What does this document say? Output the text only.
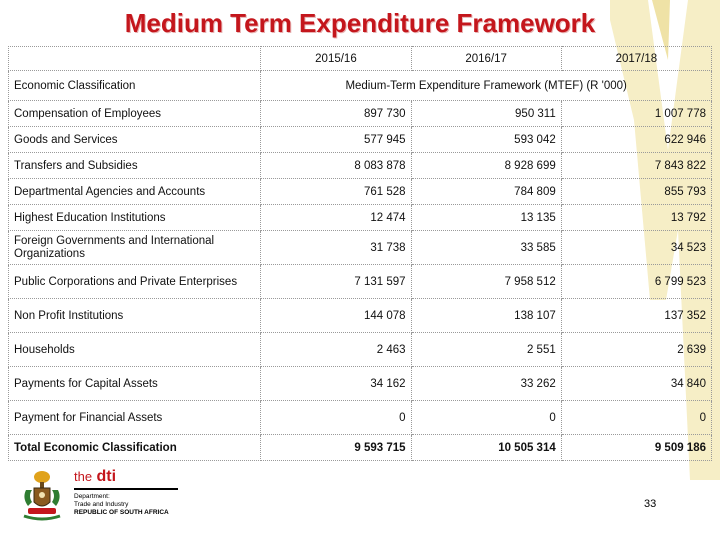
Medium Term Expenditure Framework
	2015/16	2016/17	2017/18
Economic Classification	Medium-Term Expenditure Framework (MTEF) (R '000)		
Compensation of Employees	897 730	950 311	1 007 778
Goods and Services	577 945	593 042	622 946
Transfers and Subsidies	8 083 878	8 928 699	7 843 822
Departmental Agencies and Accounts	761 528	784 809	855 793
Highest Education Institutions	12 474	13 135	13 792
Foreign Governments and International Organizations	31 738	33 585	34 523
Public Corporations and Private Enterprises	7 131 597	7 958 512	6 799 523
Non Profit Institutions	144 078	138 107	137 352
Households	2 463	2 551	2 639
Payments for Capital Assets	34 162	33 262	34 840
Payment for Financial Assets	0	0	0
Total Economic Classification	9 593 715	10 505 314	9 509 186
the dti
Department:
Trade and Industry
REPUBLIC OF SOUTH AFRICA
33
